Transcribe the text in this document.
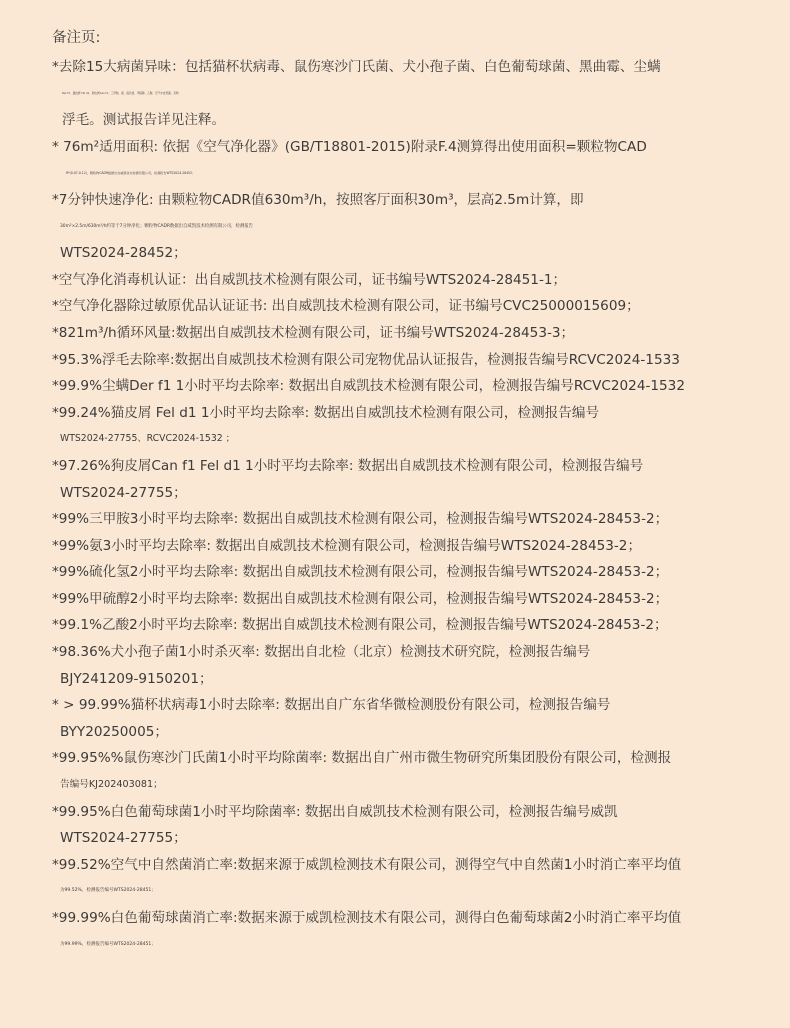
备注页:
*去除15大病菌异味：包括猫杯状病毒、鼠伤寒沙门氏菌、犬小孢子菌、白色葡萄球菌、黑曲霉、尘螨
Der f1、猫皮屑 Fel d1、狗皮屑Can f1、三甲胺、氨、硫化氢、甲硫醇、乙酸、空气中自然菌、宠物
浮毛。测试报告详见注释。
* 76m²适用面积: 依据《空气净化器》(GB/T18801-2015)附录F.4测算得出使用面积=颗粒物CAD
R*(0.07-0.12)，颗粒物CADR数据出自威凯技术检测有限公司，检测报告WTS2024-28452；
*7分钟快速净化: 由颗粒物CADR值630m³/h，按照客厅面积30m³，层高2.5m计算，即
30m²×2.5m/630m³/h约等于7分钟净化；颗粒物CADR数据出自威凯技术检测有限公司，检测报告
WTS2024-28452；
*空气净化消毒机认证：出自威凯技术检测有限公司，证书编号WTS2024-28451-1；
*空气净化器除过敏原优品认证证书: 出自威凯技术检测有限公司，证书编号CVC25000015609；
*821m³/h循环风量:数据出自威凯技术检测有限公司，证书编号WTS2024-28453-3；
*95.3%浮毛去除率:数据出自威凯技术检测有限公司宠物优品认证报告，检测报告编号RCVC2024-1533
*99.9%尘螨Der f1 1小时平均去除率: 数据出自威凯技术检测有限公司，检测报告编号RCVC2024-1532
*99.24%猫皮屑 Fel d1 1小时平均去除率: 数据出自威凯技术检测有限公司，检测报告编号
WTS2024-27755、RCVC2024-1532 ；
*97.26%狗皮屑Can f1 Fel d1 1小时平均去除率: 数据出自威凯技术检测有限公司，检测报告编号
WTS2024-27755；
*99%三甲胺3小时平均去除率: 数据出自威凯技术检测有限公司，检测报告编号WTS2024-28453-2；
*99%氨3小时平均去除率: 数据出自威凯技术检测有限公司，检测报告编号WTS2024-28453-2；
*99%硫化氢2小时平均去除率: 数据出自威凯技术检测有限公司，检测报告编号WTS2024-28453-2；
*99%甲硫醇2小时平均去除率: 数据出自威凯技术检测有限公司，检测报告编号WTS2024-28453-2；
*99.1%乙酸2小时平均去除率: 数据出自威凯技术检测有限公司，检测报告编号WTS2024-28453-2；
*98.36%犬小孢子菌1小时杀灭率: 数据出自北检（北京）检测技术研究院，检测报告编号
BJY241209-9150201；
* > 99.99%猫杯状病毒1小时去除率: 数据出自广东省华微检测股份有限公司，检测报告编号
BYY20250005；
*99.95%%鼠伤寒沙门氏菌1小时平均除菌率: 数据出自广州市微生物研究所集团股份有限公司，检测报
告编号KJ202403081；
*99.95%白色葡萄球菌1小时平均除菌率: 数据出自威凯技术检测有限公司，检测报告编号威凯
WTS2024-27755；
*99.52%空气中自然菌消亡率:数据来源于威凯检测技术有限公司，测得空气中自然菌1小时消亡率平均值
为99.52%，检测报告编号WTS2024-28451；
*99.99%白色葡萄球菌消亡率:数据来源于威凯检测技术有限公司，测得白色葡萄球菌2小时消亡率平均值
为99.99%，检测报告编号WTS2024-28451；
